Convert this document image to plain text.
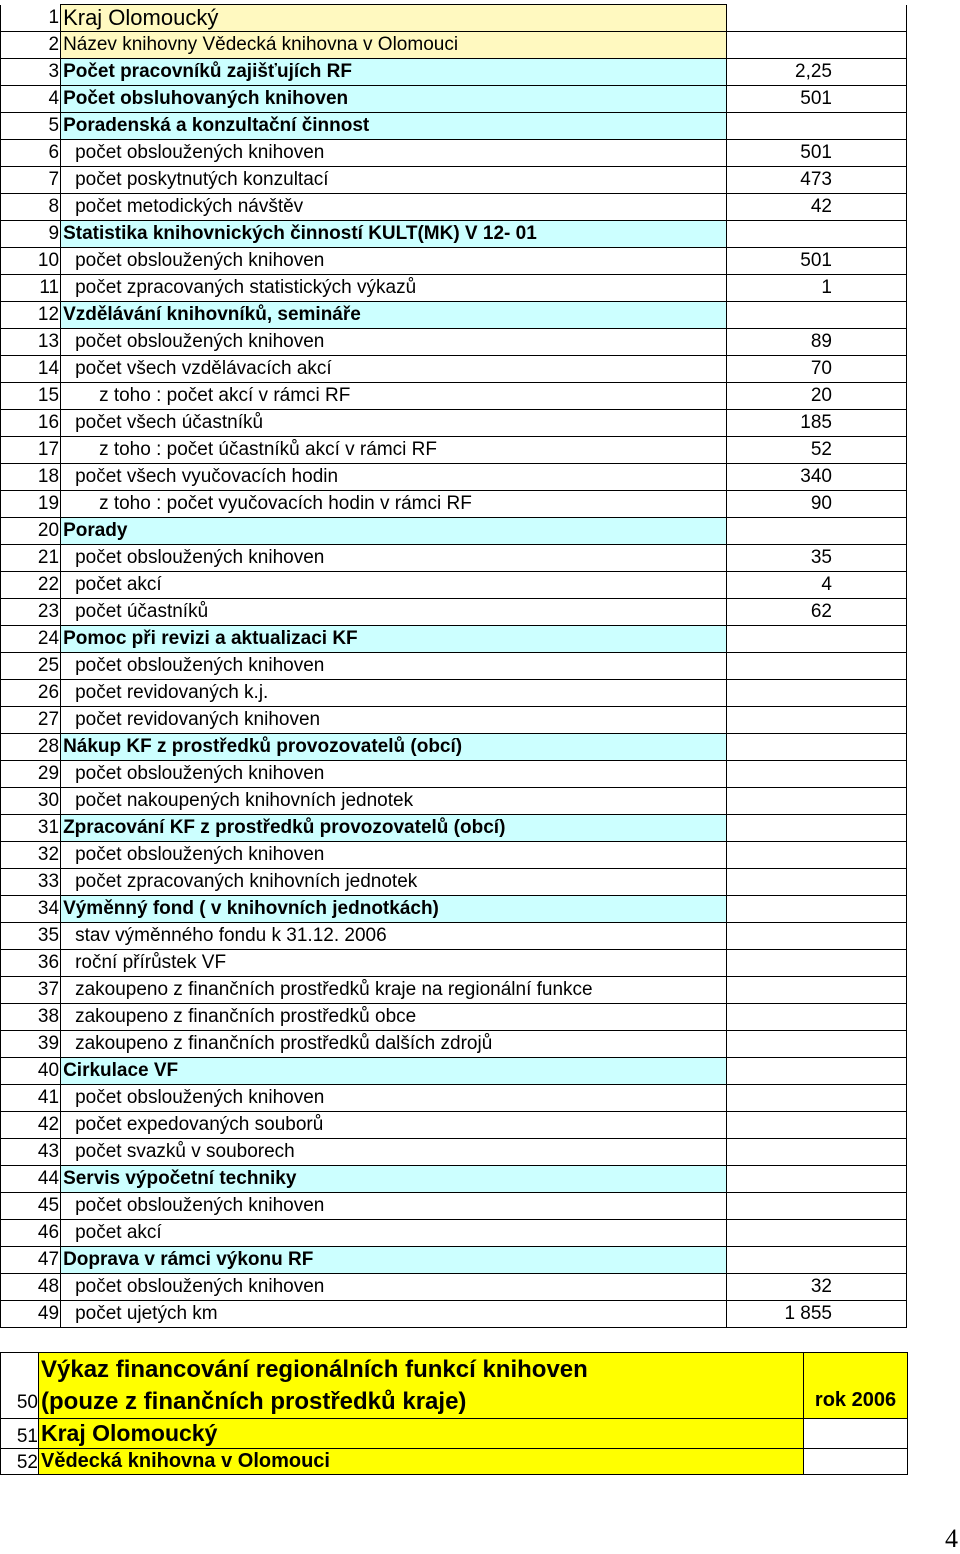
1	Kraj Olomoucký	
2	Název knihovny Vědecká knihovna v Olomouci	
3	Počet pracovníků zajišťujích RF	2,25
4	Počet obsluhovaných knihoven	501
5	Poradenská a konzultační činnost	
6	počet obsloužených knihoven	501
7	počet poskytnutých konzultací	473
8	počet metodických návštěv	42
9	Statistika knihovnických činností KULT(MK) V 12- 01	
10	počet obsloužených knihoven	501
11	počet zpracovaných statistických výkazů	1
12	Vzdělávání knihovníků, semináře	
13	počet obsloužených knihoven	89
14	počet všech vzdělávacích akcí	70
15	z toho : počet akcí v rámci RF	20
16	počet všech účastníků	185
17	z toho : počet účastníků akcí v rámci RF	52
18	počet všech vyučovacích hodin	340
19	z toho : počet vyučovacích hodin v rámci RF	90
20	Porady	
21	počet obsloužených knihoven	35
22	počet akcí	4
23	počet účastníků	62
24	Pomoc při revizi a aktualizaci KF	
25	počet obsloužených knihoven	
26	počet revidovaných k.j.	
27	počet revidovaných knihoven	
28	Nákup KF z prostředků provozovatelů (obcí)	
29	počet obsloužených knihoven	
30	počet nakoupených knihovních jednotek	
31	Zpracování KF z prostředků provozovatelů (obcí)	
32	počet obsloužených knihoven	
33	počet zpracovaných knihovních jednotek	
34	Výměnný fond ( v knihovních jednotkách)	
35	stav výměnného fondu k 31.12. 2006	
36	roční přírůstek VF	
37	zakoupeno z finančních prostředků kraje na regionální funkce	
38	zakoupeno z finančních prostředků obce	
39	zakoupeno z finančních prostředků dalších zdrojů	
40	Cirkulace VF	
41	počet obsloužených knihoven	
42	počet expedovaných souborů	
43	počet svazků v souborech	
44	Servis výpočetní techniky	
45	počet obsloužených knihoven	
46	počet akcí	
47	Doprava v rámci výkonu RF	
48	počet obsloužených knihoven	32
49	počet ujetých km	1 855
50	Výkaz financování regionálních funkcí knihoven
(pouze z finančních prostředků kraje)	rok 2006
51	Kraj Olomoucký	
52	Vědecká knihovna v Olomouci	
4
